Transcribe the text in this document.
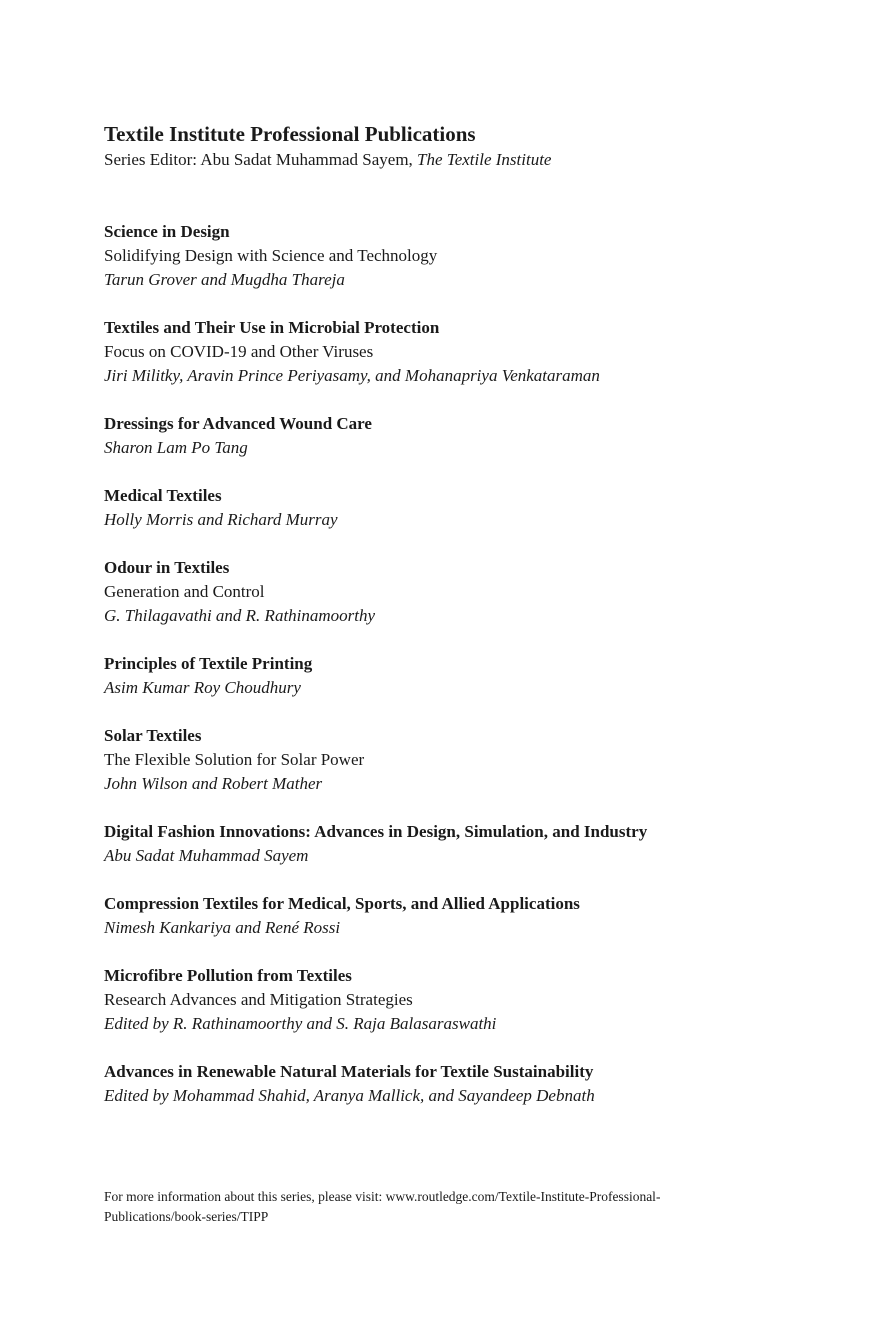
Textile Institute Professional Publications

Series Editor: Abu Sadat Muhammad Sayem, The Textile Institute

Science in Design

Solidifying Design with Science and Technology

Tarun Grover and Mugdha Thareja

Textiles and Their Use in Microbial Protection

Focus on COVID-19 and Other Viruses

Jiri Militky, Aravin Prince Periyasamy, and Mohanapriya Venkataraman

Dressings for Advanced Wound Care

Sharon Lam Po Tang

Medical Textiles

Holly Morris and Richard Murray

Odour in Textiles

Generation and Control

G. Thilagavathi and R. Rathinamoorthy

Principles of Textile Printing

Asim Kumar Roy Choudhury

Solar Textiles

The Flexible Solution for Solar Power

John Wilson and Robert Mather

Digital Fashion Innovations: Advances in Design, Simulation, and Industry

Abu Sadat Muhammad Sayem

Compression Textiles for Medical, Sports, and Allied Applications

Nimesh Kankariya and René Rossi

Microfibre Pollution from Textiles

Research Advances and Mitigation Strategies

Edited by R. Rathinamoorthy and S. Raja Balasaraswathi

Advances in Renewable Natural Materials for Textile Sustainability

Edited by Mohammad Shahid, Aranya Mallick, and Sayandeep Debnath

For more information about this series, please visit: www.routledge.com/Textile-Institute-Professional-
Publications/book-series/TIPP
